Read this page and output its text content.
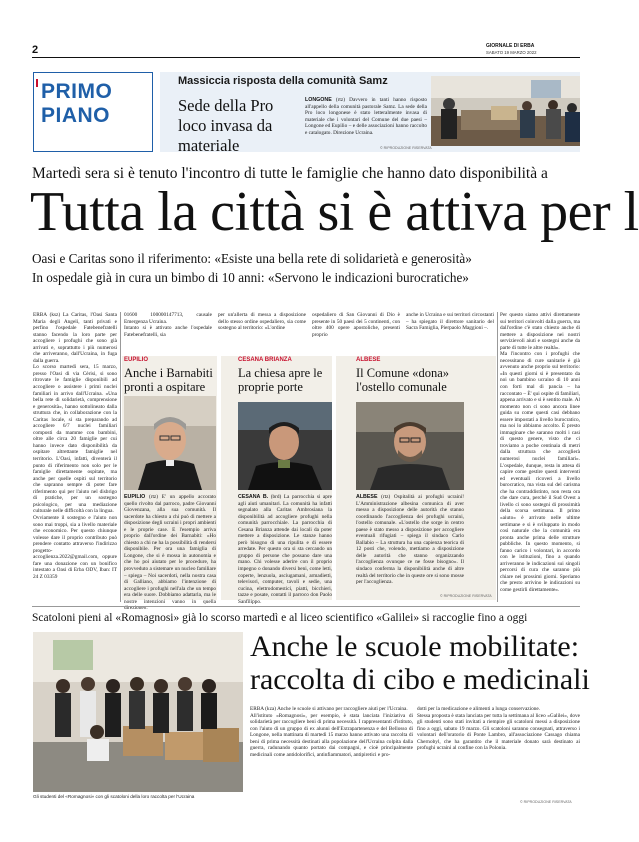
2	GIORNALE DI ERBA
SABATO 19 MARZO 2022
PRIMO
PIANO
Massiccia risposta della comunità Samz
Sede della Pro loco invasa da materiale
LONGONE (rtz) Davvero in tanti hanno risposto all'appello della comunità pastorale Samz. La sede della Pro loco longonese è stato letteralmente invasa di materiale che i volontari del Comune del due paesi – Longone ed Eupilio – e delle associazioni hanno raccolto e catalogato. Direzione Ucraina.
© RIPRODUZIONE RISERVATA
Martedì sera si è tenuto l'incontro di tutte le famiglie che hanno dato disponibilità a
Tutta la città si è attiva per l
Oasi e Caritas sono il riferimento: «Esiste una bella rete di solidarietà e generosità»
In ospedale già in cura un bimbo di 10 anni: «Servono le indicazioni burocratiche»
ERBA (ksz) La Caritas, l'Oasi Santa Maria degli Angeli, tanti privati e perfino l'ospedale Fatebenefratelli stanno facendo la loro parte per accogliere i profughi che sono già arrivati e, soprattutto i più numerosi che arriveranno, dall'Ucraina, in fuga dalla guerra.
Lo scorso martedì sera, 15 marzo, presso l'Oasi di via Cèrisi, si sono ritrovate le famiglie disponibili ad accogliere o assistere i primi nuclei familiari in arrivo dall'Ucraina. «Una bella rete di solidarietà, comprensione e generosità», hanno sottolineato dalla struttura che, in collaborazione con la Caritas locale, si sta preparando ad accogliere 6/7 nuclei familiari composti da mamme con bambini, oltre alle circa 20 famiglie per cui hanno invece dato disponibilità da ospitare altrettante famiglie nel territorio. L'Oasi, infatti, diventerà il punto di riferimento non solo per le famiglie direttamente ospitate, ma anche per quelle ospiti sul territorio che sapranno sempre di poter fare riferimento qui per l'aiuto nel disbrigo di pratiche, per un sostegno psicologico, per una mediazione culturale nelle difficoltà con la lingua.
Ovviamente il sostegno e l'aiuto non sono mai troppi, sia a livello materiale che economico. Per questo chiunque volesse dare il proprio contributo può prendere contatto attraverso l'indirizzo progetto-accoglienza.2022@gmail.com, oppure fare una donazione con un bonifico intestato a Oasi di Erba ODV, Iban: IT 24 Z 03359
01600 100000147713, causale Emergenza Ucraina.
Intanto si è attivato anche l'ospedale Fatebenefratelli, sia
per un'allerta di messa a disposizione dello stesso ordine ospedaliero, sia come sostegno al territorio: «L'ordine
ospedaliero di San Giovanni di Dio è presente in 50 paesi dei 5 continenti, con oltre 400 opere apostoliche, presenti proprio
anche in Ucraina e sui territori circostanti – ha spiegato il direttore sanitario del Sacra Famiglia, Pierpaolo Maggioni –.
Per questo siamo attivi direttamente sui territori coinvolti dalla guerra, ma dall'ordine c'è stato chiesto anche di mettere a disposizione nei nostri servizievoli aiuti e sostegni anche da parte di tutte le altre realtà».
Ma l'incontro con i profughi che necessitano di cure sanitarie è già avvenuto anche proprio sul territorio: «In questi giorni si è presentato da noi un bambino ucraino di 10 anni con forti mal di pancia – ha raccontato – È' qui ospite di familiari, appena arrivato e si è sentito male. Al momento non ci sono ancora linee guida su come questi casi debbano essere impostati a livello burocratico, ma noi lo abbiamo accolto. È presto immaginare che saranno molti i casi di questo genere, visto che ci troviamo a poche centinaia di metri dalla struttura che accoglierà numerosi nuclei familiari». L'ospedale, dunque, resta in attesa di capire come gestire questi interventi ed eventuali ricoveri a livello burocratico, ma vista sul del carisma che ha contraddistinto, non resta ora che dare cura, perché il Sud Ovest a livello ci sono sostegni di prossimità della scorsa settimana. Il primo «aiuto» è arrivato nelle ultime settimane e si è sviluppato in modo così naturale che la comunità era pronta anche prima delle strutture pubbliche. In questo momento, si fanno carico i volontari, in accordo con le istituzioni, fino a quando arriveranno le indicazioni sui singoli percorsi di cura che saranno più chiare nei prossimi giorni. Speriamo che presto arrivino le indicazioni su come gestirli direttamente».
EUPILIO
Anche i Barnabiti pronti a ospitare
EUPILIO (rtz) E' un appello accorato quello rivolto dal parroco, padre Giovanni Giovenzana, alla sua comunità. Il sacerdote ha chiesto a chi può di mettere a disposizione degli ucraini i propri ambienti e le proprie case. E l'esempio arriva proprio dall'ordine dei Barnabiti: «Ho chiesto a chi ne ha la possibilità di rendersi disponibile. Per ora una famiglia di Longone, che si è mossa in autonomia e che ho poi aiutato per le procedure, ha provveduto a sistemare un nucleo familiare – spiega – Noi sacerdoti, nella nostra casa di Galliano, abbiamo l'intenzione di accogliere i profughi nell'ala che un tempo era delle suore. Dobbiamo adattarla, ma le nostre intenzioni vanno in quella direzione».
CESANA BRIANZA
La chiesa apre le proprie porte
CESANA B. (brd) La parrocchia si apre agli aiuti umanitari. La comunità ha infatti segnalato alla Caritas Ambrosiana la disponibilità ad accogliere profughi nella comunità parrocchiale. La parrocchia di Cesana Brianza attende dai locali da poter mettere a disposizione. Le stanze hanno però bisogno di una ripulita e di essere arredate. Per questo ora si sta cercando un gruppo di persone che possano dare una mano. Chi volesse aderire con il proprio impegno o donando diversi beni, come letti, coperte, lenzuola, asciugamani, armadietti, televisori, computer, tavoli e sedie, una cucina, elettrodomestici, piatti, bicchieri, tazze e posate, contatti il parroco don Paolo Sanfilippo.
ALBESE
Il Comune «dona» l'ostello comunale
ALBESE (rtz) Ospitalità ai profughi ucraini! L'Amministrazione albesina comunica di aver messo a disposizione delle autorità che stanno coordinando l'accoglienza dei profughi ucraini, l'ostello comunale. «L'ostello che sorge in centro paese è stato messo a disposizione per accogliere eventuali rifugiati – spiega il sindaco Carlo Ballabio – La struttura ha una capienza teorica di 12 posti che, volendo, mettiamo a disposizione delle autorità che stanno organizzando l'accoglienza ovunque ce ne fosse bisogno». Il sindaco conferma la disponibilità anche di altre realtà del territorio che in queste ore si sono mosse per l'accoglienza.
© RIPRODUZIONE RISERVATA
Scatoloni pieni al «Romagnosi» già lo scorso martedì e al liceo scientifico «Galilei» si raccoglie fino a oggi
Gli studenti del «Romagnosi» con gli scatoloni della loro raccolta per l'Ucraina
Anche le scuole mobilitate:
raccolta di cibo e medicinali
ERBA (kza) Anche le scuole si attivano per raccogliere aiuti per l'Ucraina.
All'istituto «Romagnosi», per esempio, è stata lanciata l'iniziativa di solidarietà per raccogliere beni di prima necessità. I rappresentanti d'istituto, con l'aiuto di un gruppo di ex alunni dell'Extrapartenenza e del Bellosso di Longone, nella mattinata di martedì 15 marzo hanno attivato una raccolta di beni di prima necessità destinati alla popolazione dell'Ucraina colpita dalla guerra, radunando quanto portato dai compagni, e cioè principalmente medicinali come antidolorifici, antinfiammatori, antipiretici e pro-
dotti per la medicazione e alimenti a lunga conservazione.
Stessa proposta è stata lanciata per tutta la settimana al liceo «Galilei», dove gli studenti sono stati invitati a riempire gli scatoloni messi a disposizione fino a oggi, sabato 19 marzo. Gli scatoloni saranno consegnati, attraverso i volontari dell'oratorio di Ponte Lambro, all'associazione Cassago chiama Chernobyl, che ha garantito che il materiale donato sarà destinato ai profughi ucraini al confine con la Polonia.
© RIPRODUZIONE RISERVATA
